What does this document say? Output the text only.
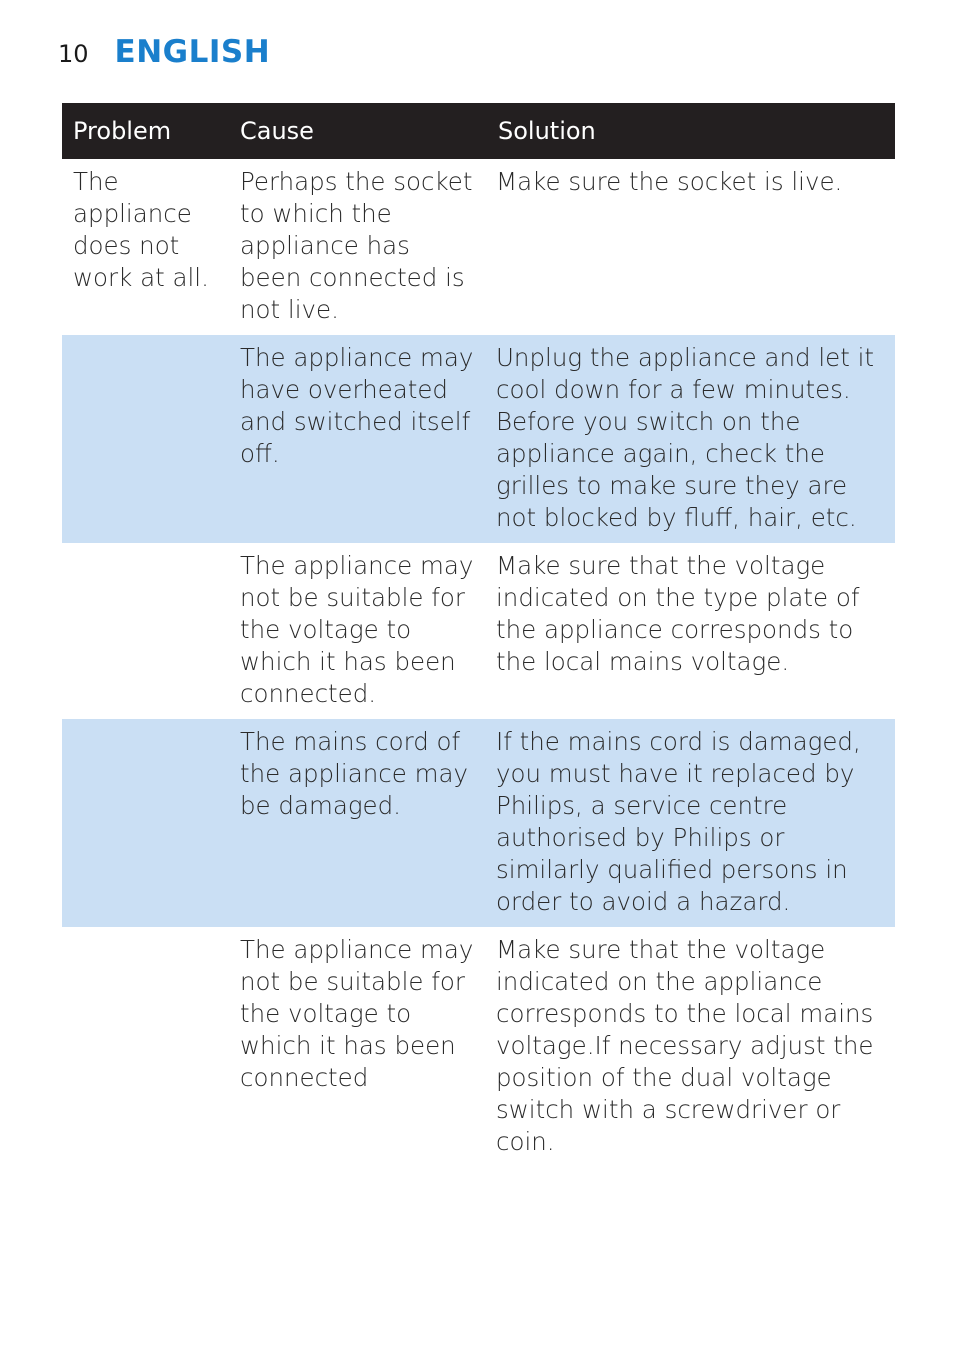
10 ENGLISH
Problem	Cause	Solution
The appliance does not work at all.	Perhaps the socket to which the appliance has been connected is not live.	Make sure the socket is live.
	The appliance may have overheated and switched itself off.	Unplug the appliance and let it cool down for a few minutes. Before you switch on the appliance again, check the grilles to make sure they are not blocked by fluff, hair, etc.
	The appliance may not be suitable for the voltage to which it has been connected.	Make sure that the voltage indicated on the type plate of the appliance corresponds to the local mains voltage.
	The mains cord of the appliance may be damaged.	If the mains cord is damaged, you must have it replaced by Philips, a service centre authorised by Philips or similarly qualified persons in order to avoid a hazard.
	The appliance may not be suitable for the voltage to which it has been connected	Make sure that the voltage indicated on the appliance corresponds to the local mains voltage.If necessary adjust the position of the dual voltage switch with a screwdriver or coin.
